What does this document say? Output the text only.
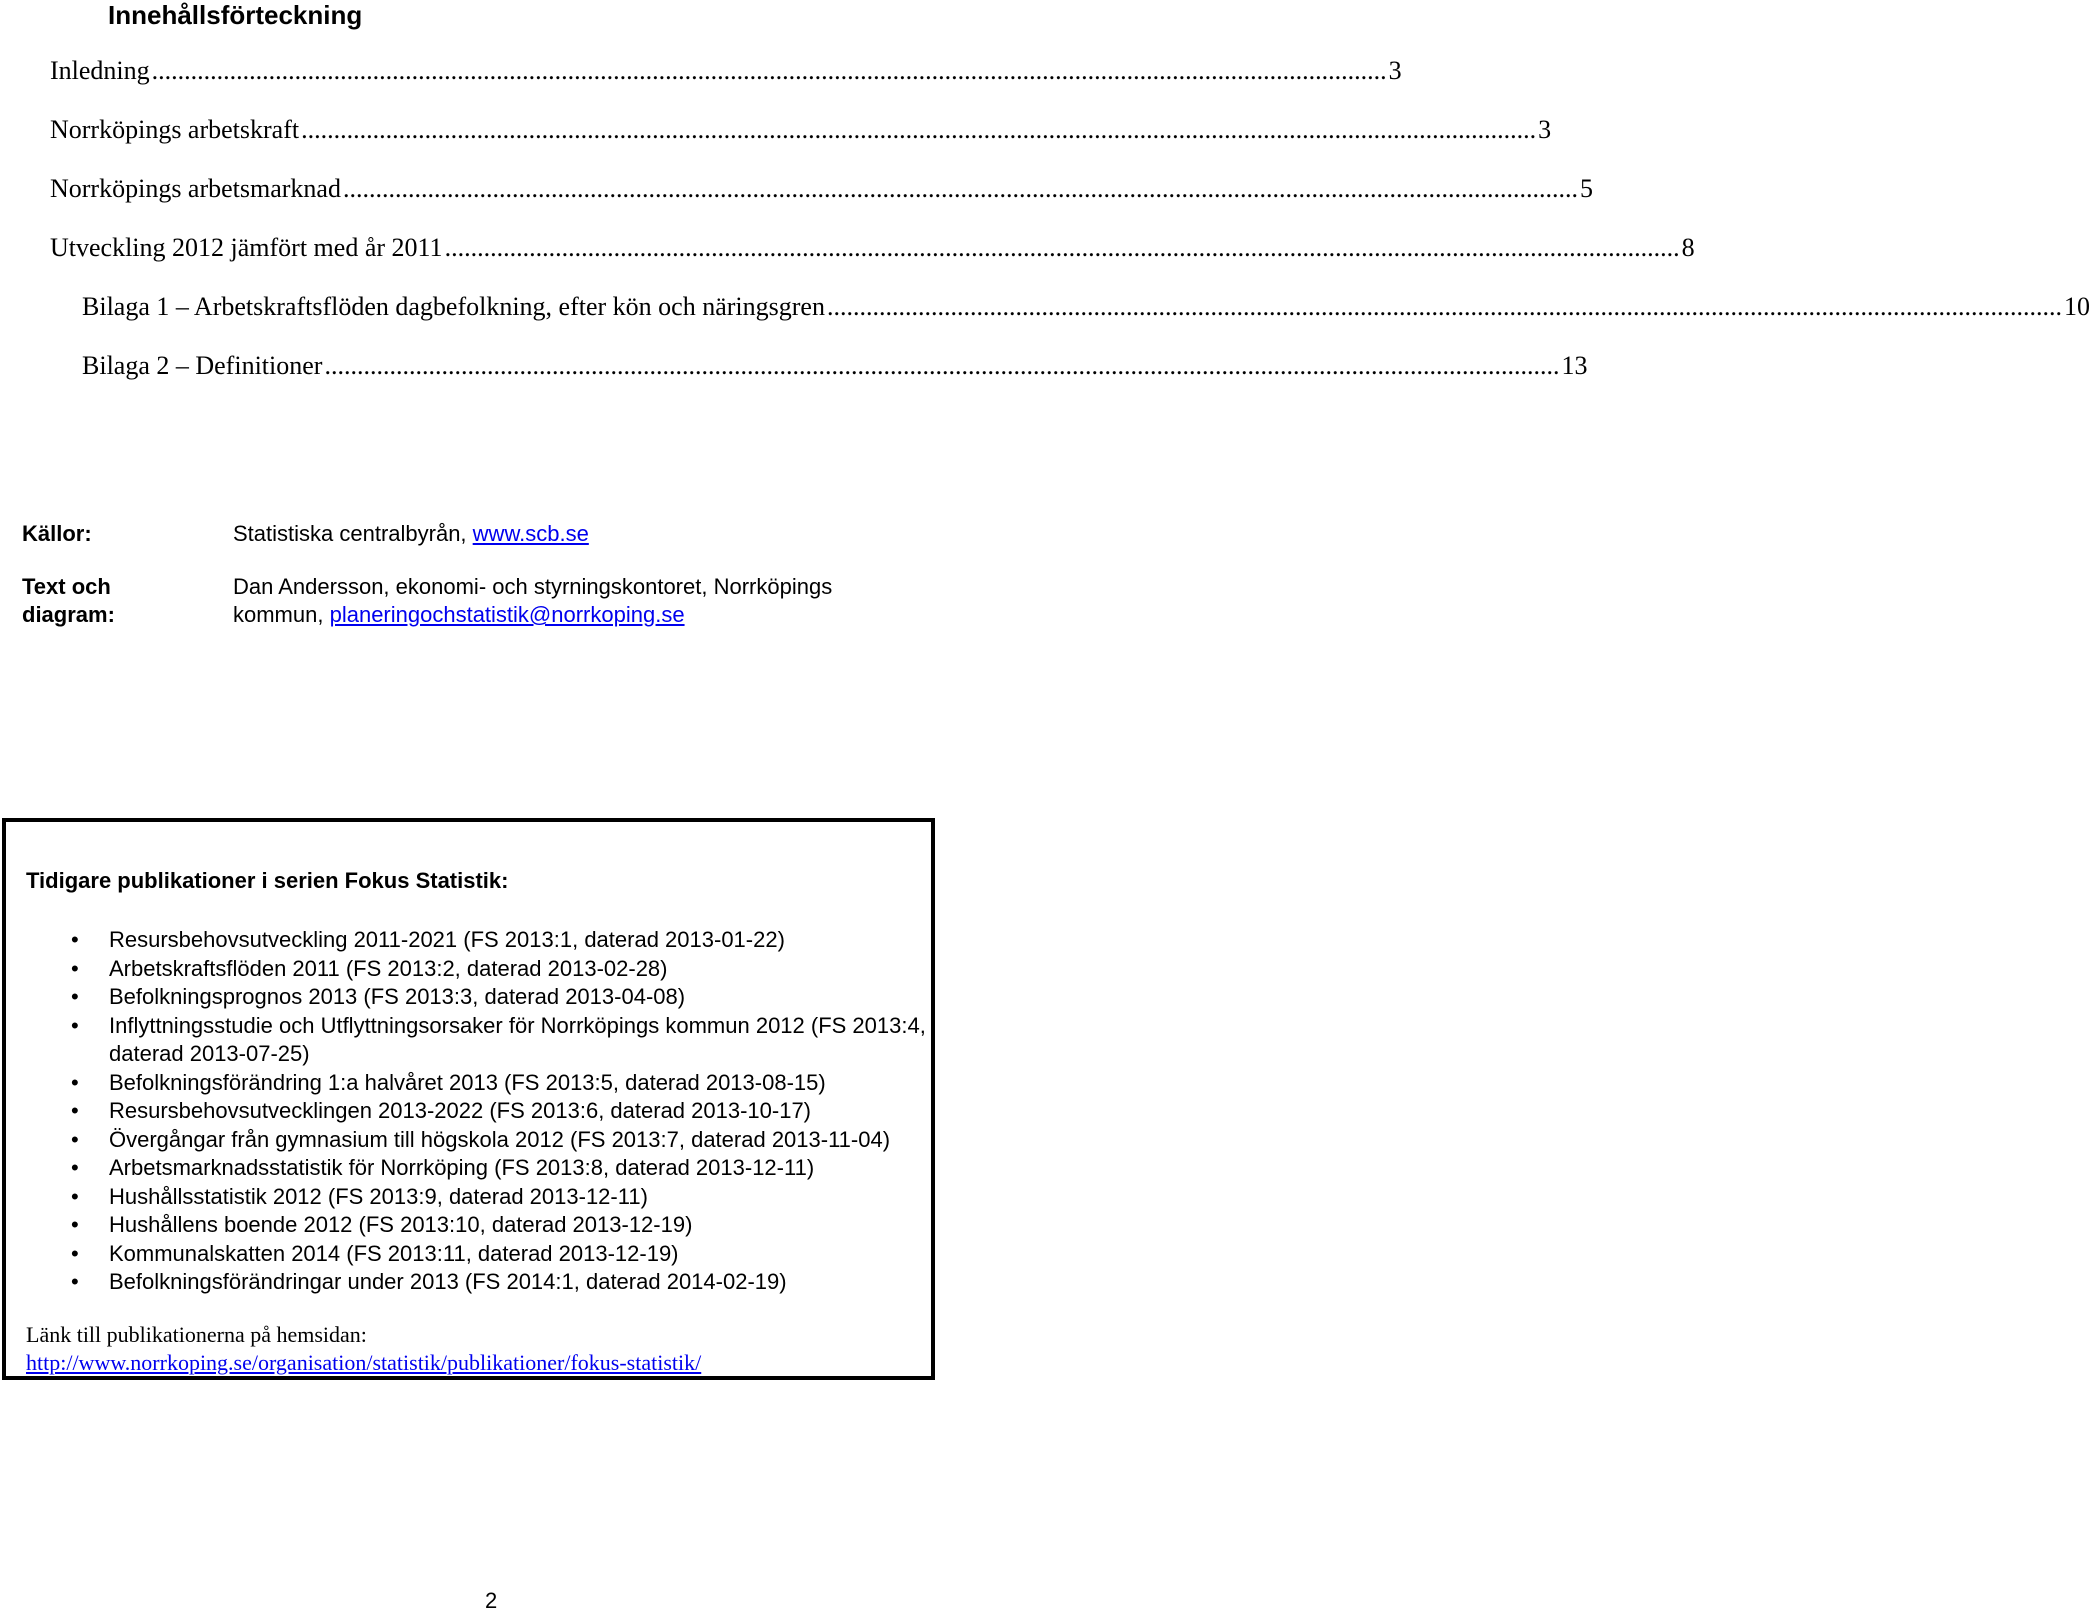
Innehållsförteckning
Inledning .............................................................................................................................................................................................. 3
Norrköpings arbetskraft .............................................................................................................................................................................................. 3
Norrköpings arbetsmarknad .............................................................................................................................................................................................. 5
Utveckling 2012 jämfört med år 2011 .............................................................................................................................................................................................. 8
Bilaga 1 – Arbetskraftsflöden dagbefolkning, efter kön och näringsgren .............................................................................................................................................................................................. 10
Bilaga 2 – Definitioner .............................................................................................................................................................................................. 13
Källor:	Statistiska centralbyrån, www.scb.se
Text och diagram:
Dan Andersson, ekonomi- och styrningskontoret, Norrköpings kommun, planeringochstatistik@norrkoping.se
Tidigare publikationer i serien Fokus Statistik:
• Resursbehovsutveckling 2011-2021 (FS 2013:1, daterad 2013-01-22)
• Arbetskraftsflöden 2011 (FS 2013:2, daterad 2013-02-28)
• Befolkningsprognos 2013 (FS 2013:3, daterad 2013-04-08)
• Inflyttningsstudie och Utflyttningsorsaker för Norrköpings kommun 2012 (FS 2013:4, daterad 2013-07-25)
• Befolkningsförändring 1:a halvåret 2013 (FS 2013:5, daterad 2013-08-15)
• Resursbehovsutvecklingen 2013-2022 (FS 2013:6, daterad 2013-10-17)
• Övergångar från gymnasium till högskola 2012 (FS 2013:7, daterad 2013-11-04)
• Arbetsmarknadsstatistik för Norrköping (FS 2013:8, daterad 2013-12-11)
• Hushållsstatistik 2012 (FS 2013:9, daterad 2013-12-11)
• Hushållens boende 2012 (FS 2013:10, daterad 2013-12-19)
• Kommunalskatten 2014 (FS 2013:11, daterad 2013-12-19)
• Befolkningsförändringar under 2013 (FS 2014:1, daterad 2014-02-19)
Länk till publikationerna på hemsidan:
http://www.norrkoping.se/organisation/statistik/publikationer/fokus-statistik/
2
